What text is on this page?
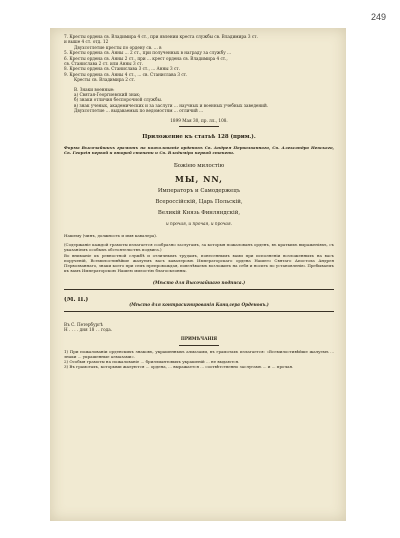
249
7. Кресты ордена св. Владимира 4 ст., при явлении креста службы св. Владимира 3 ст.
и выше 4 ст. отд. 12
Двухсотлетие кресты по ордену св. ... в
5. Кресты ордена св. Анны ... 2 ст., при полученных в награду за службу ...
6. Кресты ордена св. Анны 2 ст., при ... крест ордена св. Владимира 4 ст.,
св. Станислава 2 ст. или Анны 3 ст.
8. Кресты ордена св. Станислава 3 ст., ... Анны 3 ст.
9. Кресты ордена св. Анны 4 ст., ... св. Станислава 3 ст.
Кресты св. Владимира 2 ст.
В. Знаки военные:
а) Святая-Георгиевский знак;
б) знаки отличия беспорочной службы.
в) знак ученых, академических и за заслуги ... научных и военных учебных заведений.
Двухсотлетие ... выдаваемых по ведомостям ... отличий ...
1899 Мая 30, пр. лл., 108.
Приложение къ статьѣ 128 (прим.).
Форма Высочайшихъ грамотъ на пожалованіе орденовъ Св. Андрея Первозваннаго, Св. Александра Невскаго, Св. Георгія первой и второй степени и Св. Владиміра первой степени.
Божіею милостію
МЫ, NN,
Императоръ и Самодержецъ
Всероссійскій, Царь Польскій,
Великій Князь Финляндскій,
и прочая, и прочая, и прочая.
Нашему (чинъ, должность и имя кавалера).
(Содержаніе каждой грамоты излагается сообразно заслугамъ, за которыя пожалованъ орденъ, въ краткихъ выраженіяхъ, съ указаніемъ особыхъ обстоятельствъ подвига.)
Во вниманіе къ ревностной службѣ и отличнымъ трудамъ, понесеннымъ вами при исполненіи возложенныхъ на васъ порученій, Всемилостивѣйше жалуемъ васъ кавалеромъ Императорскаго ордена Нашего Святаго Апостола Андрея Первозваннаго, знаки коего при семъ препровождая, повелѣваемъ возложить на себя и носить по установленію. Пребываемъ къ вамъ Императорскою Нашею милостію благосклонны.
(Мѣсто для Высочайшаго подписа.)
(М. П.)
(Мѣсто для контрасигнированія Канцлера Орденовъ.)
Въ С. Петербургѣ
Н . . . . дня 18 . . года.
ПРИМѢЧАНІЯ
1) При пожалованіи орденскихъ знаковъ, украшенныхъ алмазами, въ грамотахъ излагается: «Всемилостивѣйше жалуемъ ... знаки ... украшенные алмазами».
2) Особыя грамоты на пожалованіе ... бриллиантовыхъ украшеній ... не выдаются.
3) Въ грамотахъ, которыми жалуются ... ордена, ... выражается ... соотвѣтственно заслугамъ ... и ... прочая.
